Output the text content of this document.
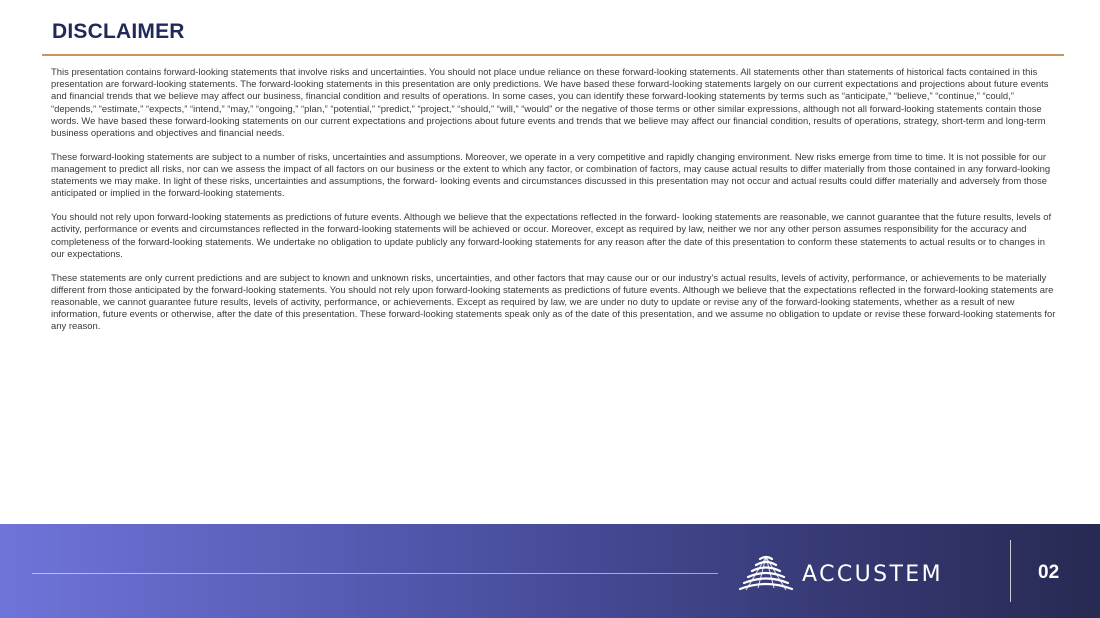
DISCLAIMER

This presentation contains forward-looking statements that involve risks and uncertainties. You should not place undue reliance on these forward-looking statements. All statements other than statements of historical facts contained in this presentation are forward-looking statements. The forward-looking statements in this presentation are only predictions. We have based these forward-looking statements largely on our current expectations and projections about future events and financial trends that we believe may affect our business, financial condition and results of operations. In some cases, you can identify these forward-looking statements by terms such as “anticipate,” “believe,” “continue,” “could,” “depends,” “estimate,” “expects,” “intend,” “may,” “ongoing,” “plan,” “potential,” “predict,” “project,” “should,” “will,” “would” or the negative of those terms or other similar expressions, although not all forward-looking statements contain those words. We have based these forward-looking statements on our current expectations and projections about future events and trends that we believe may affect our financial condition, results of operations, strategy, short-term and long-term business operations and objectives and financial needs.

These forward-looking statements are subject to a number of risks, uncertainties and assumptions. Moreover, we operate in a very competitive and rapidly changing environment. New risks emerge from time to time. It is not possible for our management to predict all risks, nor can we assess the impact of all factors on our business or the extent to which any factor, or combination of factors, may cause actual results to differ materially from those contained in any forward-looking statements we may make. In light of these risks, uncertainties and assumptions, the forward- looking events and circumstances discussed in this presentation may not occur and actual results could differ materially and adversely from those anticipated or implied in the forward-looking statements.

You should not rely upon forward-looking statements as predictions of future events. Although we believe that the expectations reflected in the forward- looking statements are reasonable, we cannot guarantee that the future results, levels of activity, performance or events and circumstances reflected in the forward-looking statements will be achieved or occur. Moreover, except as required by law, neither we nor any other person assumes responsibility for the accuracy and completeness of the forward-looking statements. We undertake no obligation to update publicly any forward-looking statements for any reason after the date of this presentation to conform these statements to actual results or to changes in our expectations.

These statements are only current predictions and are subject to known and unknown risks, uncertainties, and other factors that may cause our or our industry’s actual results, levels of activity, performance, or achievements to be materially different from those anticipated by the forward-looking statements. You should not rely upon forward-looking statements as predictions of future events. Although we believe that the expectations reflected in the forward-looking statements are reasonable, we cannot guarantee future results, levels of activity, performance, or achievements. Except as required by law, we are under no duty to update or revise any of the forward-looking statements, whether as a result of new information, future events or otherwise, after the date of this presentation. These forward-looking statements speak only as of the date of this presentation, and we assume no obligation to update or revise these forward-looking statements for any reason.

ACCUSTEM	02
